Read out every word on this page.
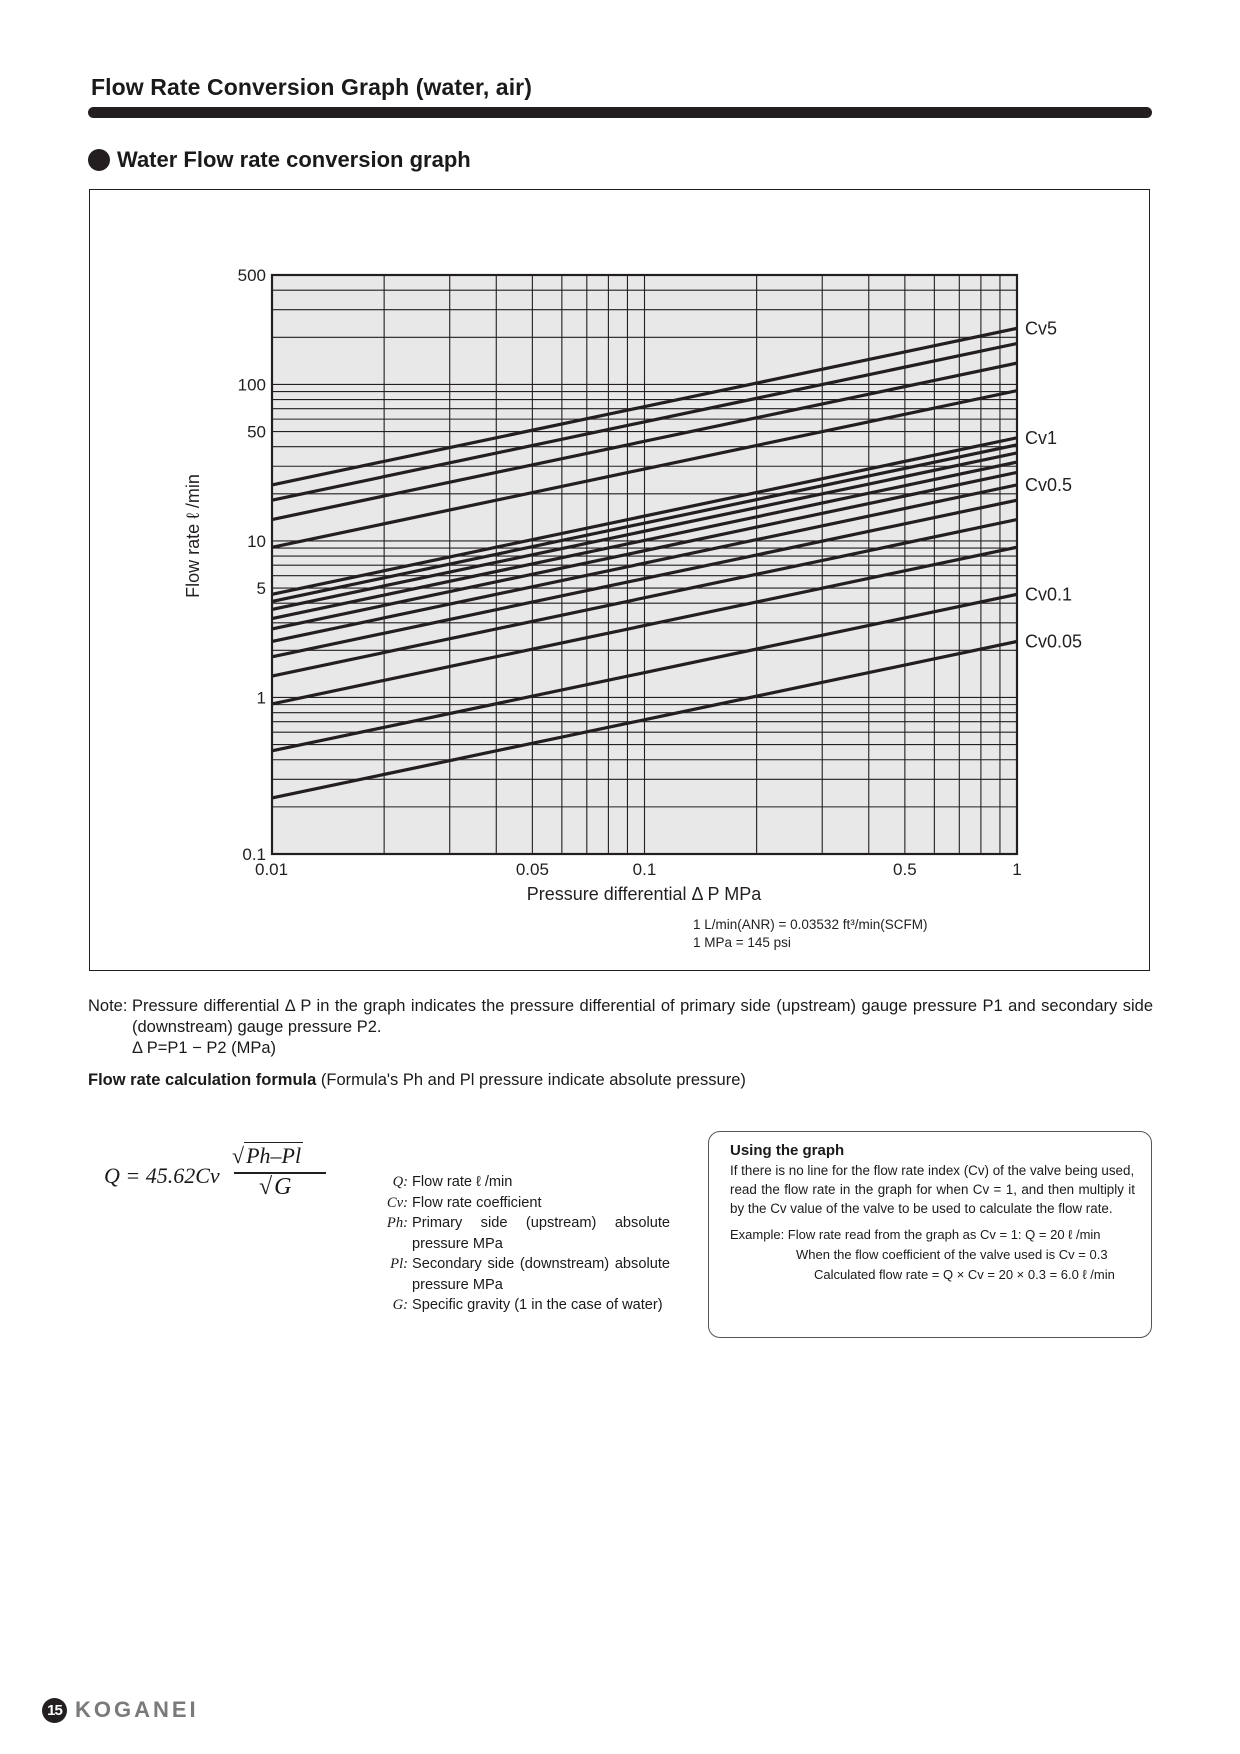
Flow Rate Conversion Graph (water, air)
Water Flow rate conversion graph
0.1
1
5
10
50
100
500
0.01	0.05	0.1	0.5	1
Cv5
Cv1
Cv0.5
Cv0.1
Cv0.05
Pressure differential Δ P MPa
Flow rate ℓ /min
1 L/min(ANR) = 0.03532 ft³/min(SCFM)
1 MPa = 145 psi
Note: Pressure differential Δ P in the graph indicates the pressure differential of primary side (upstream) gauge pressure P1 and secondary side (downstream) gauge pressure P2.
Δ P=P1 − P2 (MPa)
Flow rate calculation formula (Formula's Ph and Pl pressure indicate absolute pressure)
Q = 45.62Cv
√Ph–Pl
√G	Q: Flow rate ℓ /min
Cv: Flow rate coefficient
Ph: Primary side (upstream) absolute pressure MPa
Pl: Secondary side (downstream) absolute pressure MPa
G: Specific gravity (1 in the case of water)
Using the graph
If there is no line for the flow rate index (Cv) of the valve being used,
read the flow rate in the graph for when Cv = 1, and then multiply it by the Cv value of the valve to be used to calculate the flow rate.
Example: Flow rate read from the graph as Cv = 1: Q = 20 ℓ /min
When the flow coefficient of the valve used is Cv = 0.3
Calculated flow rate = Q × Cv = 20 × 0.3 = 6.0 ℓ /min
15 KOGANEI
